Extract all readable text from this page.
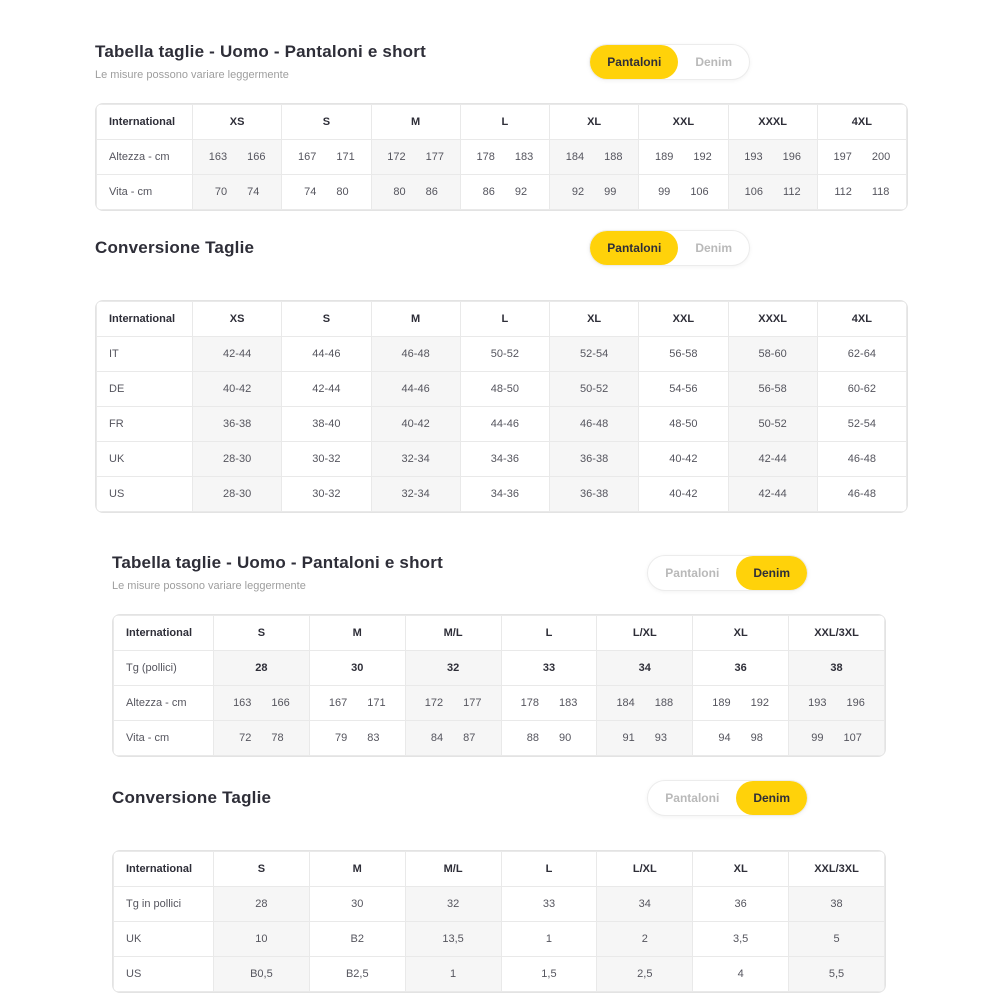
Tabella taglie - Uomo - Pantaloni e short

Le misure possono variare leggermente

Pantaloni	Denim
International	XS	S	M	L	XL	XXL	XXXL	4XL
Altezza - cm	163 166	167 171	172 177	178 183	184 188	189 192	193 196	197 200

Vita - cm	70 74	74 80	80 86	86 92	92 99	99 106	106 112	112 118
Conversione Taglie	Pantaloni	Denim
International	XS	S	M	L	XL	XXL	XXXL	4XL
IT	42-44	44-46	46-48	50-52	52-54	56-58	58-60	62-64
DE	40-42	42-44	44-46	48-50	50-52	54-56	56-58	60-62
FR	36-38	38-40	40-42	44-46	46-48	48-50	50-52	52-54
UK	28-30	30-32	32-34	34-36	36-38	40-42	42-44	46-48
US	28-30	30-32	32-34	34-36	36-38	40-42	42-44	46-48
Tabella taglie - Uomo - Pantaloni e short

Le misure possono variare leggermente

Pantaloni	Denim
International	S	M	M/L	L	L/XL	XL	XXL/3XL
Tg (pollici)	28	30	32	33	34	36	38
Altezza - cm	163 166	167 171	172 177	178 183	184 188	189 192	193 196

Vita - cm	72 78	79 83	84 87	88 90	91 93	94 98	99 107
Conversione Taglie	Pantaloni	Denim
International	S	M	M/L	L	L/XL	XL	XXL/3XL
Tg in pollici	28	30	32	33	34	36	38
UK	10	B2	13,5	1	2	3,5	5
US	B0,5	B2,5	1	1,5	2,5	4	5,5
